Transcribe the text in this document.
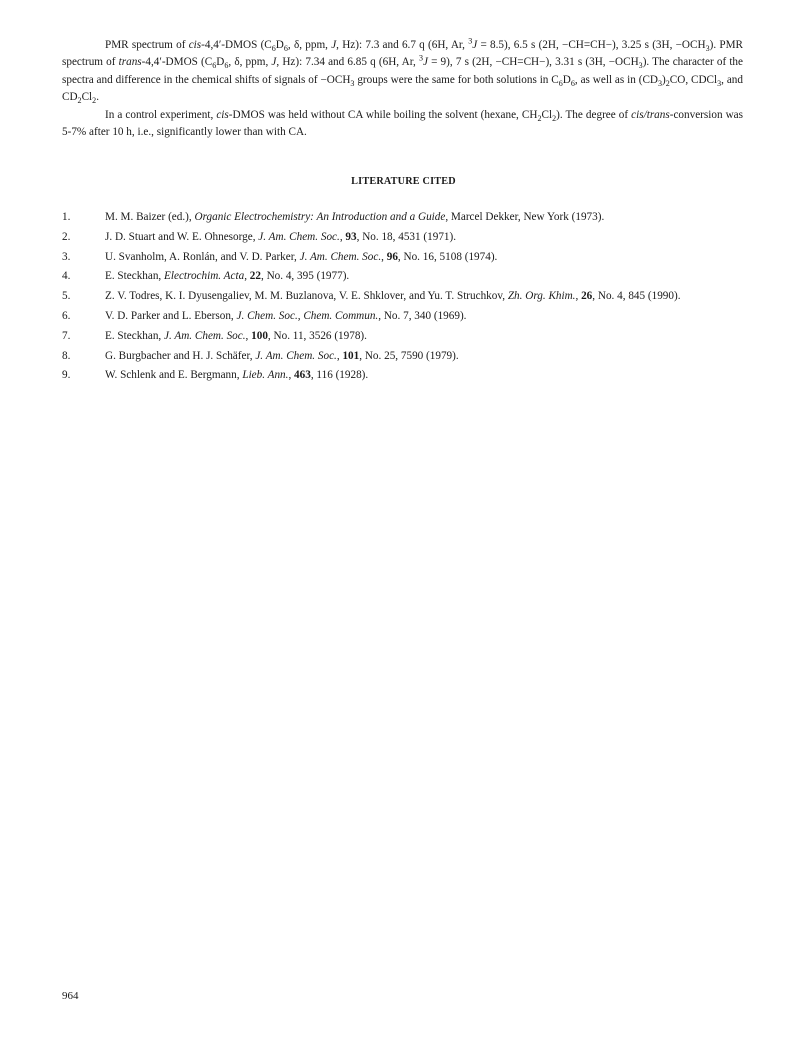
PMR spectrum of cis-4,4′-DMOS ($C_6D_6$, δ, ppm, J, Hz): 7.3 and 6.7 q (6H, Ar, $^3$J = 8.5), 6.5 s (2H, −CH=CH−), 3.25 s (3H, $-OCH_3$). PMR spectrum of trans-4,4′-DMOS ($C_6D_6$, δ, ppm, J, Hz): 7.34 and 6.85 q (6H, Ar, $^3$J = 9), 7 s (2H, −CH=CH−), 3.31 s (3H, $-OCH_3$). The character of the spectra and difference in the chemical shifts of signals of $-OCH_3$ groups were the same for both solutions in $C_6D_6$, as well as in $(CD_3)_2CO$, CDCl$_3$, and $CD_2Cl_2$.

In a control experiment, cis-DMOS was held without CA while boiling the solvent (hexane, $CH_2Cl_2$). The degree of cis/trans-conversion was 5-7% after 10 h, i.e., significantly lower than with CA.

LITERATURE CITED
1.	M. M. Baizer (ed.), Organic Electrochemistry: An Introduction and a Guide, Marcel Dekker, New York (1973).
2.	J. D. Stuart and W. E. Ohnesorge, J. Am. Chem. Soc., 93, No. 18, 4531 (1971).
3.	U. Svanholm, A. Ronlán, and V. D. Parker, J. Am. Chem. Soc., 96, No. 16, 5108 (1974).
4.	E. Steckhan, Electrochim. Acta, 22, No. 4, 395 (1977).
5.	Z. V. Todres, K. I. Dyusengaliev, M. M. Buzlanova, V. E. Shklover, and Yu. T. Struchkov, Zh. Org. Khim., 26, No. 4, 845 (1990).
6.	V. D. Parker and L. Eberson, J. Chem. Soc., Chem. Commun., No. 7, 340 (1969).
7.	E. Steckhan, J. Am. Chem. Soc., 100, No. 11, 3526 (1978).
8.	G. Burgbacher and H. J. Schäfer, J. Am. Chem. Soc., 101, No. 25, 7590 (1979).
9.	W. Schlenk and E. Bergmann, Lieb. Ann., 463, 116 (1928).
964
